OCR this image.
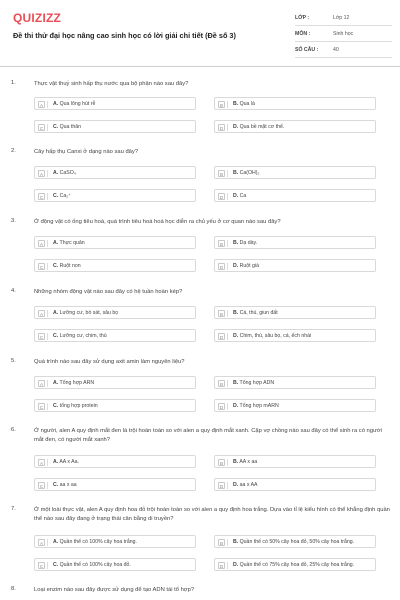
QUIZIZZ
Đề thi thử đại học nâng cao sinh học có lời giải chi tiết (Đề số 3)
LỚP :	Lớp 12
MÔN :	Sinh học
SỐ CÂU :	40
1.	Thực vật thuỷ sinh hấp thụ nước qua bộ phận nào sau đây?
A	A. Qua lông hút rễ	B	B. Qua lá
C	C. Qua thân	D	D. Qua bề mặt cơ thể.
2.	Cây hấp thụ Canxi ở dạng nào sau đây?
A	A. CaSO₄	B	B. Ca(OH)₂
C	C. Ca₂⁺	D	D. Ca
3.	Ở động vật có ống tiêu hoá, quá trình tiêu hoá hoá học diễn ra chủ yếu ở cơ quan nào sau đây?
A	A. Thực quản	B	B. Dạ dày.
C	C. Ruột non	D	D. Ruột già
4.	Những nhóm động vật nào sau đây có hệ tuần hoàn kép?
A	A. Lưỡng cư, bò sát, sâu bọ	B	B. Cá, thú, giun đất
C	C. Lưỡng cư, chim, thú	D	D. Chim, thú, sâu bọ, cá, ếch nhái
5.	Quá trình nào sau đây sử dụng axit amin làm nguyên liệu?
A	A. Tổng hợp ARN	B	B. Tổng hợp ADN
C	C. tổng hợp protein	D	D. Tổng hợp mARN
6.	Ở người, alen A quy định mắt đen là trội hoàn toàn so với alen a quy định mắt xanh. Cặp vợ chồng nào sau đây có thể sinh ra có người mắt đen, có người mắt xanh?
A	A. AA x Aa.	B	B. AA x aa
C	C. aa x aa	D	D. aa x AA
7.	Ở một loài thực vật, alen A quy định hoa đỏ trội hoàn toàn so với alen a quy định hoa trắng. Dựa vào tỉ lệ kiểu hình có thể khẳng định quần thể nào sau đây đang ở trạng thái cân bằng di truyền?
A	A. Quần thể có 100% cây hoa trắng.	B	B. Quần thể có 50% cây hoa đỏ, 50% cây hoa trắng.
C	C. Quần thể có 100% cây hoa đỏ.	D	D. Quần thể có 75% cây hoa đỏ, 25% cây hoa trắng.
8.	Loại enzim nào sau đây được sử dụng để tạo ADN tái tổ hợp?
